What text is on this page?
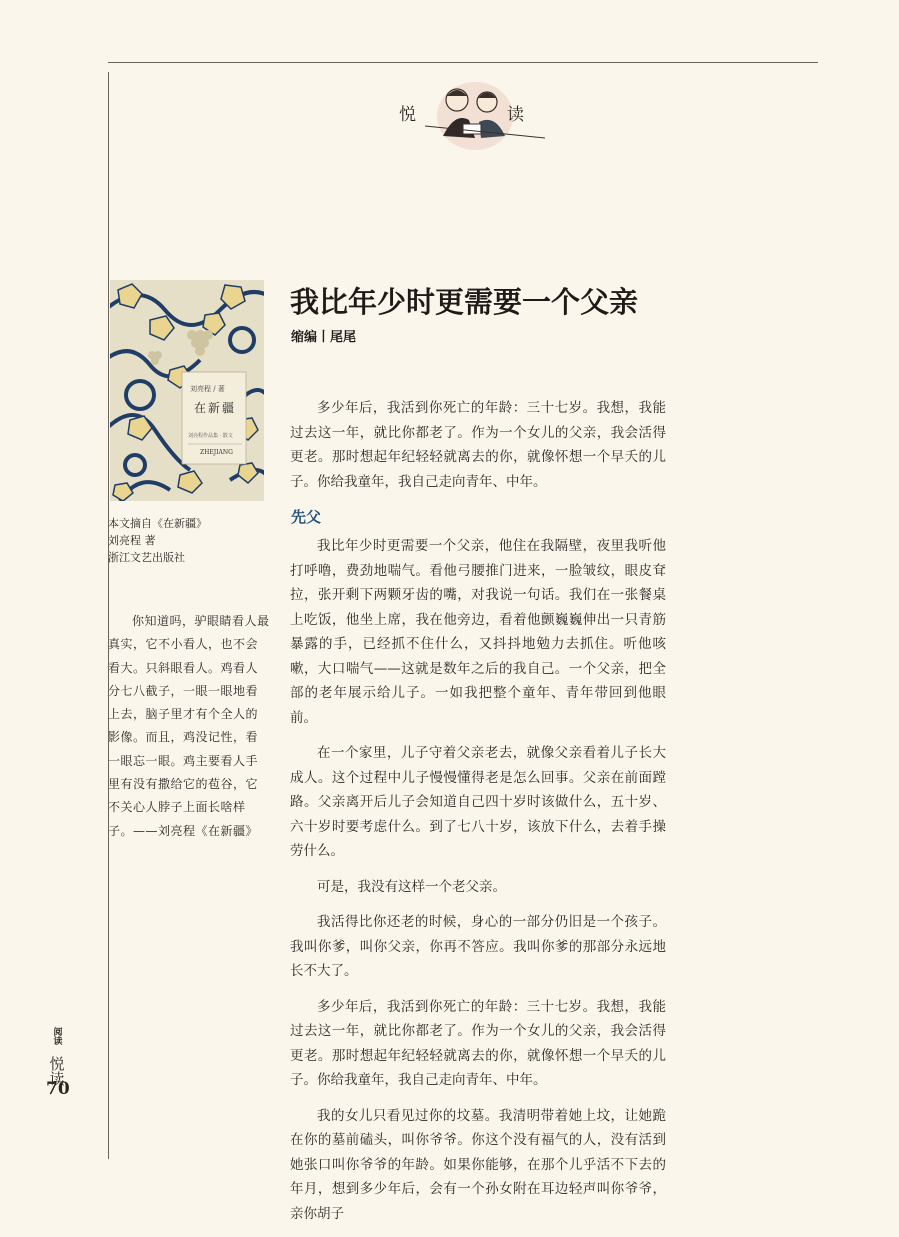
悦	读
刘亮程 / 著
在新疆
刘亮程作品集 · 散文
ZHEJIANG
本文摘自《在新疆》
刘亮程 著
浙江文艺出版社
你知道吗，驴眼睛看人最真实，它不小看人，也不会看大。只斜眼看人。鸡看人分七八截子，一眼一眼地看上去，脑子里才有个全人的影像。而且，鸡没记性，看一眼忘一眼。鸡主要看人手里有没有撒给它的苞谷，它不关心人脖子上面长啥样子。——刘亮程《在新疆》
我比年少时更需要一个父亲
缩编丨尾尾

多少年后，我活到你死亡的年龄：三十七岁。我想，我能过去这一年，就比你都老了。作为一个女儿的父亲，我会活得更老。那时想起年纪轻轻就离去的你，就像怀想一个早夭的儿子。你给我童年，我自己走向青年、中年。

先父

我比年少时更需要一个父亲，他住在我隔壁，夜里我听他打呼噜，费劲地喘气。看他弓腰推门进来，一脸皱纹，眼皮耷拉，张开剩下两颗牙齿的嘴，对我说一句话。我们在一张餐桌上吃饭，他坐上席，我在他旁边，看着他颤巍巍伸出一只青筋暴露的手，已经抓不住什么，又抖抖地勉力去抓住。听他咳嗽，大口喘气——这就是数年之后的我自己。一个父亲，把全部的老年展示给儿子。一如我把整个童年、青年带回到他眼前。

在一个家里，儿子守着父亲老去，就像父亲看着儿子长大成人。这个过程中儿子慢慢懂得老是怎么回事。父亲在前面蹚路。父亲离开后儿子会知道自己四十岁时该做什么，五十岁、六十岁时要考虑什么。到了七八十岁，该放下什么，去着手操劳什么。

可是，我没有这样一个老父亲。

我活得比你还老的时候，身心的一部分仍旧是一个孩子。我叫你爹，叫你父亲，你再不答应。我叫你爹的那部分永远地长不大了。

多少年后，我活到你死亡的年龄：三十七岁。我想，我能过去这一年，就比你都老了。作为一个女儿的父亲，我会活得更老。那时想起年纪轻轻就离去的你，就像怀想一个早夭的儿子。你给我童年，我自己走向青年、中年。

我的女儿只看见过你的坟墓。我清明带着她上坟，让她跪在你的墓前磕头，叫你爷爷。你这个没有福气的人，没有活到她张口叫你爷爷的年龄。如果你能够，在那个儿乎活不下去的年月，想到多少年后，会有一个孙女附在耳边轻声叫你爷爷，亲你胡子

阅读
悦读
70
